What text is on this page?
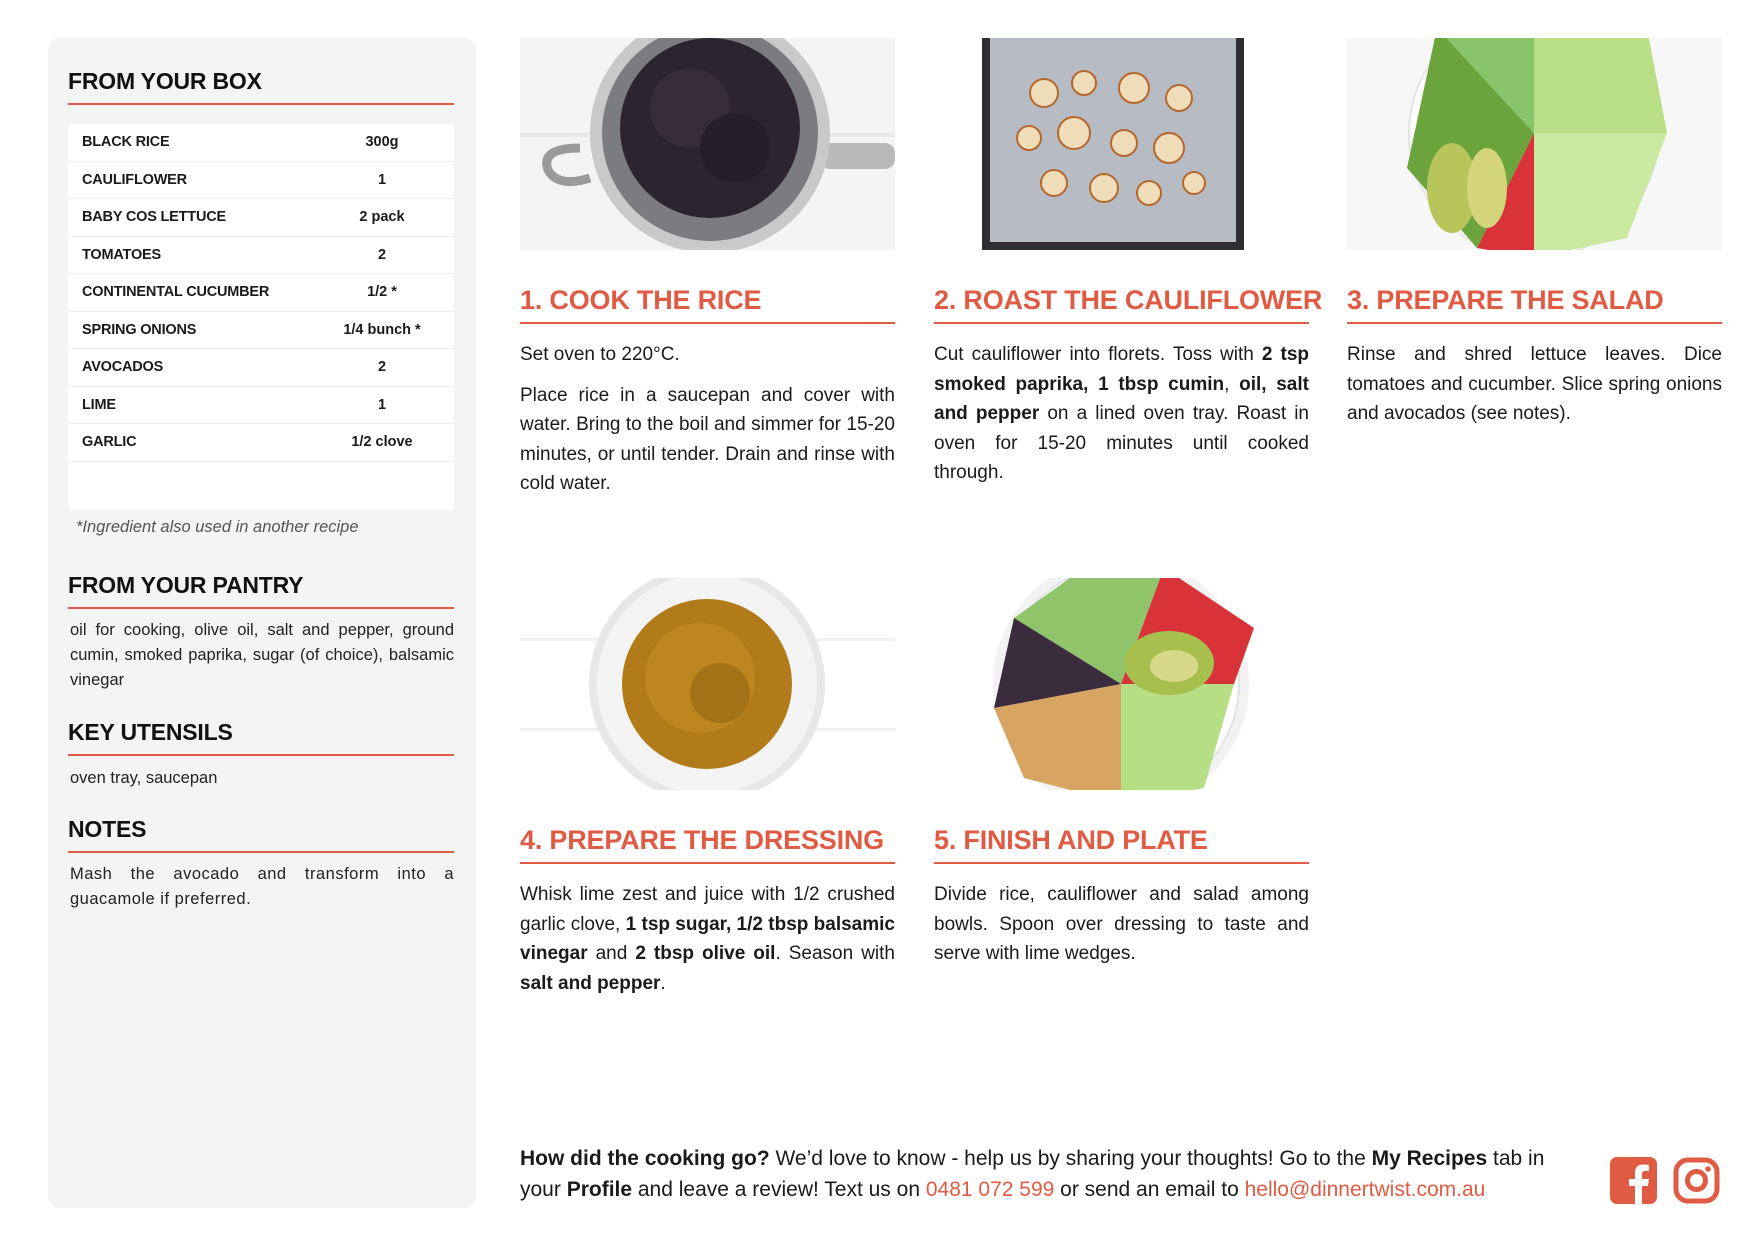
FROM YOUR BOX
BLACK RICE	300g
CAULIFLOWER	1
BABY COS LETTUCE	2 pack
TOMATOES	2
CONTINENTAL CUCUMBER	1/2 *
SPRING ONIONS	1/4 bunch *
AVOCADOS	2
LIME	1
GARLIC	1/2 clove
*Ingredient also used in another recipe
FROM YOUR PANTRY
oil for cooking, olive oil, salt and pepper, ground cumin, smoked paprika, sugar (of choice), balsamic vinegar
KEY UTENSILS
oven tray, saucepan
NOTES
Mash the avocado and transform into a guacamole if preferred.
1. COOK THE RICE

Set oven to 220°C.

Place rice in a saucepan and cover with water. Bring to the boil and simmer for 15-20 minutes, or until tender. Drain and rinse with cold water.

2. ROAST THE CAULIFLOWER

Cut cauliflower into florets. Toss with 2 tsp smoked paprika, 1 tbsp cumin, oil, salt and pepper on a lined oven tray. Roast in oven for 15-20 minutes until cooked through.

3. PREPARE THE SALAD

Rinse and shred lettuce leaves. Dice tomatoes and cucumber. Slice spring onions and avocados (see notes).

4. PREPARE THE DRESSING

Whisk lime zest and juice with 1/2 crushed garlic clove, 1 tsp sugar, 1/2 tbsp balsamic vinegar and 2 tbsp olive oil. Season with salt and pepper.

5. FINISH AND PLATE

Divide rice, cauliflower and salad among bowls. Spoon over dressing to taste and serve with lime wedges.

How did the cooking go? We’d love to know - help us by sharing your thoughts! Go to the My Recipes tab in your Profile and leave a review! Text us on 0481 072 599 or send an email to hello@dinnertwist.com.au
